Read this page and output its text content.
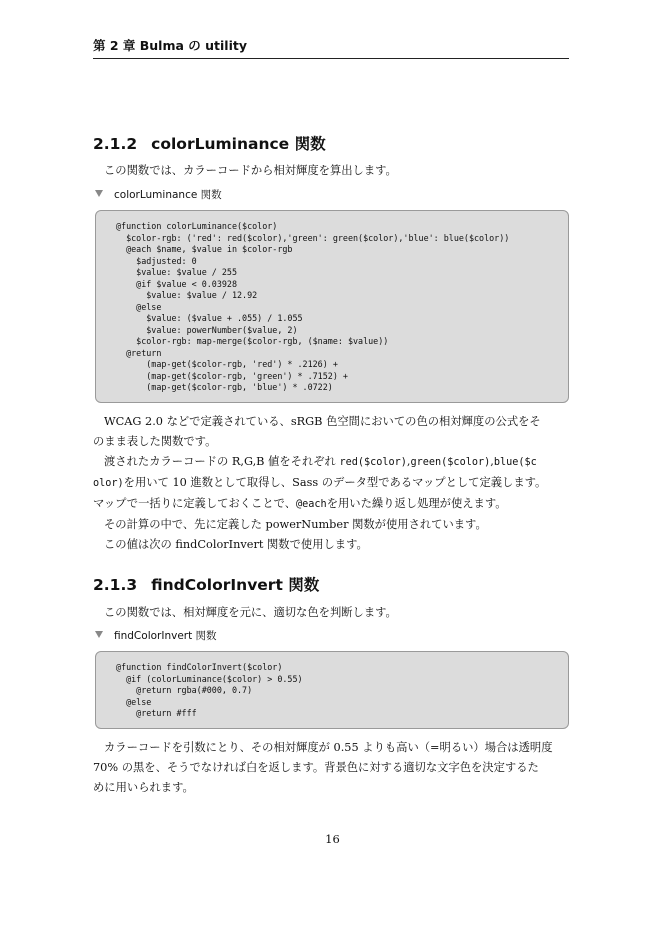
第 2 章 Bulma の utility
2.1.2 colorLuminance 関数

この関数では、カラーコードから相対輝度を算出します。

colorLuminance 関数
@function colorLuminance($color)
$color-rgb: ('red': red($color),'green': green($color),'blue': blue($color))
@each $name, $value in $color-rgb
$adjusted: 0
$value: $value / 255
@if $value < 0.03928
$value: $value / 12.92
@else
$value: ($value + .055) / 1.055
$value: powerNumber($value, 2)
$color-rgb: map-merge($color-rgb, ($name: $value))
@return
(map-get($color-rgb, 'red') * .2126) +
(map-get($color-rgb, 'green') * .7152) +
(map-get($color-rgb, 'blue') * .0722)

WCAG 2.0 などで定義されている、sRGB 色空間においての色の相対輝度の公式をそ

のまま表した関数です。

渡されたカラーコードの R,G,B 値をそれぞれ red($color),green($color),blue($c

olor)を用いて 10 進数として取得し、Sass のデータ型であるマップとして定義します。

マップで一括りに定義しておくことで、@eachを用いた繰り返し処理が使えます。

その計算の中で、先に定義した powerNumber 関数が使用されています。

この値は次の findColorInvert 関数で使用します。

2.1.3 findColorInvert 関数

この関数では、相対輝度を元に、適切な色を判断します。

findColorInvert 関数
@function findColorInvert($color)
@if (colorLuminance($color) > 0.55)
@return rgba(#000, 0.7)
@else
@return #fff

カラーコードを引数にとり、その相対輝度が 0.55 よりも高い（=明るい）場合は透明度

70% の黒を、そうでなければ白を返します。背景色に対する適切な文字色を決定するた

めに用いられます。

16
